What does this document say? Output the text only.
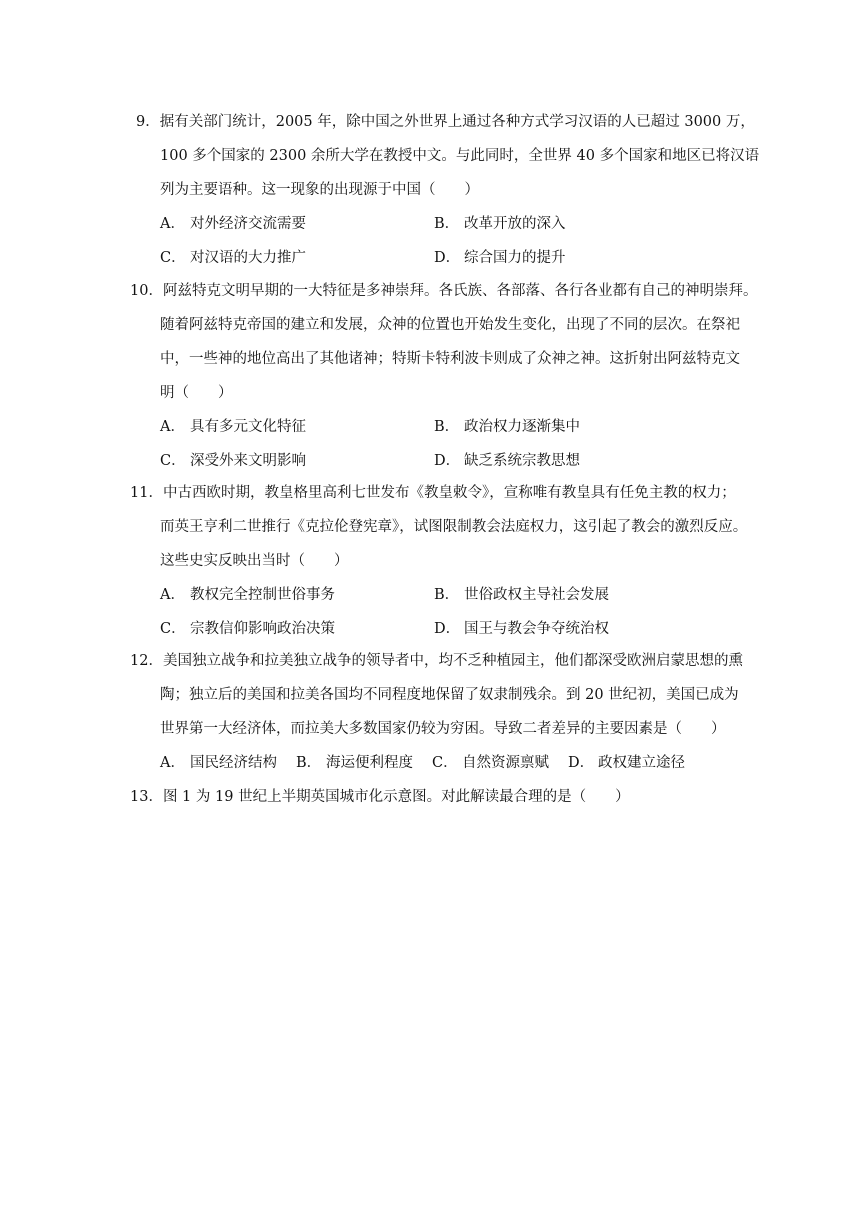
9．据有关部门统计，2005 年，除中国之外世界上通过各种方式学习汉语的人已超过 3000 万，
100 多个国家的 2300 余所大学在教授中文。与此同时，全世界 40 多个国家和地区已将汉语
列为主要语种。这一现象的出现源于中国（　　）
A． 对外经济交流需要	B． 改革开放的深入
C． 对汉语的大力推广	D． 综合国力的提升
10．阿兹特克文明早期的一大特征是多神崇拜。各氏族、各部落、各行各业都有自己的神明崇拜。
随着阿兹特克帝国的建立和发展，众神的位置也开始发生变化，出现了不同的层次。在祭祀
中，一些神的地位高出了其他诸神；特斯卡特利波卡则成了众神之神。这折射出阿兹特克文
明（　　）
A． 具有多元文化特征	B． 政治权力逐渐集中
C． 深受外来文明影响	D． 缺乏系统宗教思想
11．中古西欧时期，教皇格里高利七世发布《教皇敕令》，宣称唯有教皇具有任免主教的权力；
而英王亨利二世推行《克拉伦登宪章》，试图限制教会法庭权力，这引起了教会的激烈反应。
这些史实反映出当时（　　）
A． 教权完全控制世俗事务	B． 世俗政权主导社会发展
C． 宗教信仰影响政治决策	D． 国王与教会争夺统治权
12．美国独立战争和拉美独立战争的领导者中，均不乏种植园主，他们都深受欧洲启蒙思想的熏
陶；独立后的美国和拉美各国均不同程度地保留了奴隶制残余。到 20 世纪初，美国已成为
世界第一大经济体，而拉美大多数国家仍较为穷困。导致二者差异的主要因素是（　　）
A． 国民经济结构 B． 海运便利程度 C． 自然资源禀赋 D． 政权建立途径
13．图 1 为 19 世纪上半期英国城市化示意图。对此解读最合理的是（　　）
